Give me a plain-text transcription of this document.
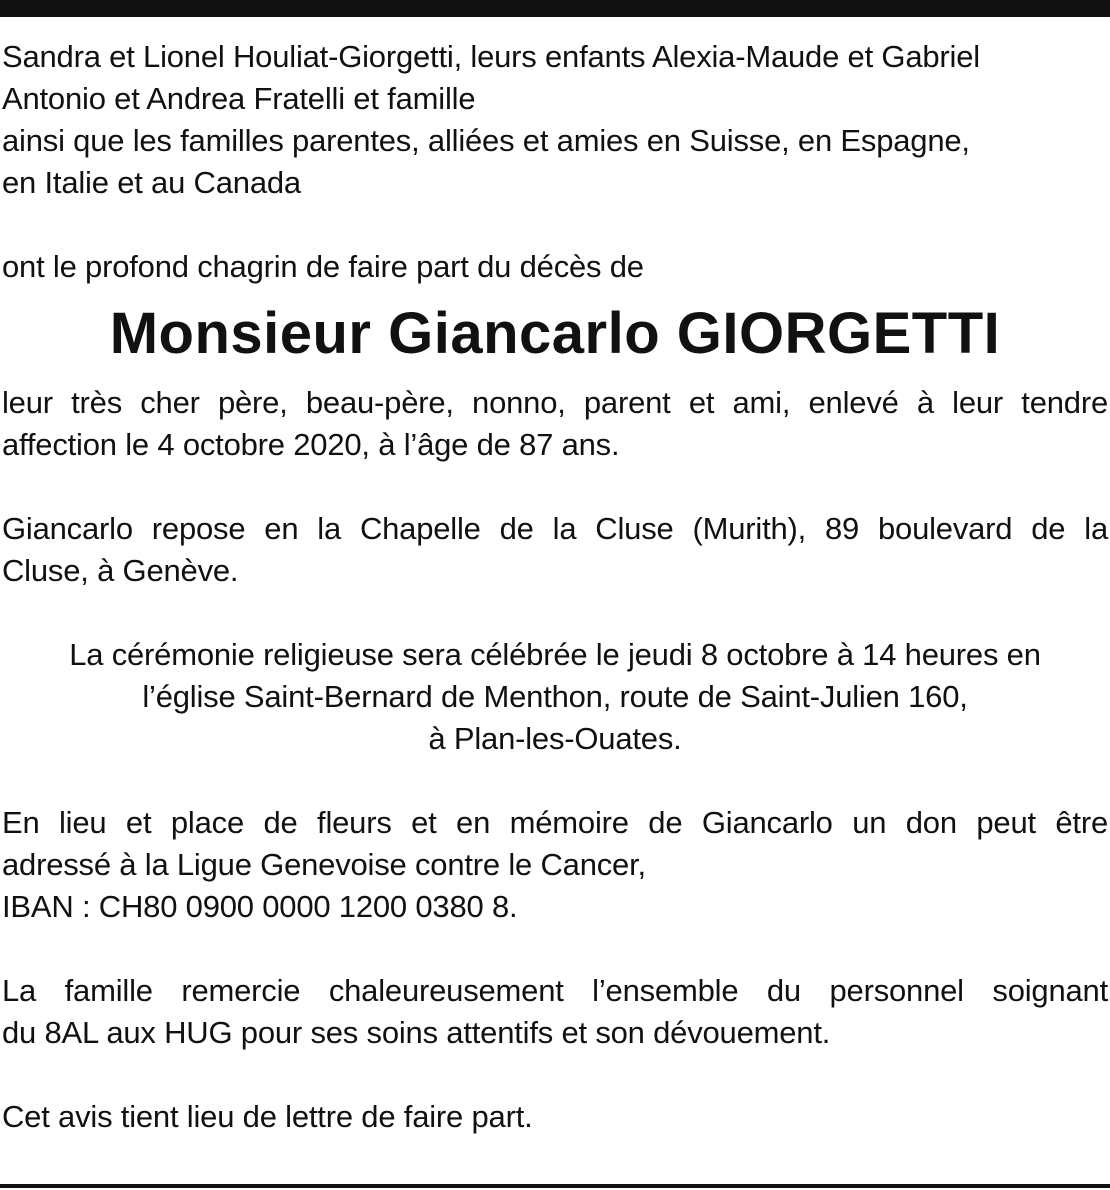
Sandra et Lionel Houliat-Giorgetti, leurs enfants Alexia-Maude et Gabriel
Antonio et Andrea Fratelli et famille
ainsi que les familles parentes, alliées et amies en Suisse, en Espagne,
en Italie et au Canada

ont le profond chagrin de faire part du décès de

Monsieur Giancarlo GIORGETTI

leur très cher père, beau-père, nonno, parent et ami, enlevé à leur tendre
affection le 4 octobre 2020, à l’âge de 87 ans.

Giancarlo repose en la Chapelle de la Cluse (Murith), 89 boulevard de la
Cluse, à Genève.

La cérémonie religieuse sera célébrée le jeudi 8 octobre à 14 heures en
l’église Saint-Bernard de Menthon, route de Saint-Julien 160,
à Plan-les-Ouates.

En lieu et place de fleurs et en mémoire de Giancarlo un don peut être
adressé à la Ligue Genevoise contre le Cancer,
IBAN : CH80 0900 0000 1200 0380 8.

La famille remercie chaleureusement l’ensemble du personnel soignant
du 8AL aux HUG pour ses soins attentifs et son dévouement.

Cet avis tient lieu de lettre de faire part.
